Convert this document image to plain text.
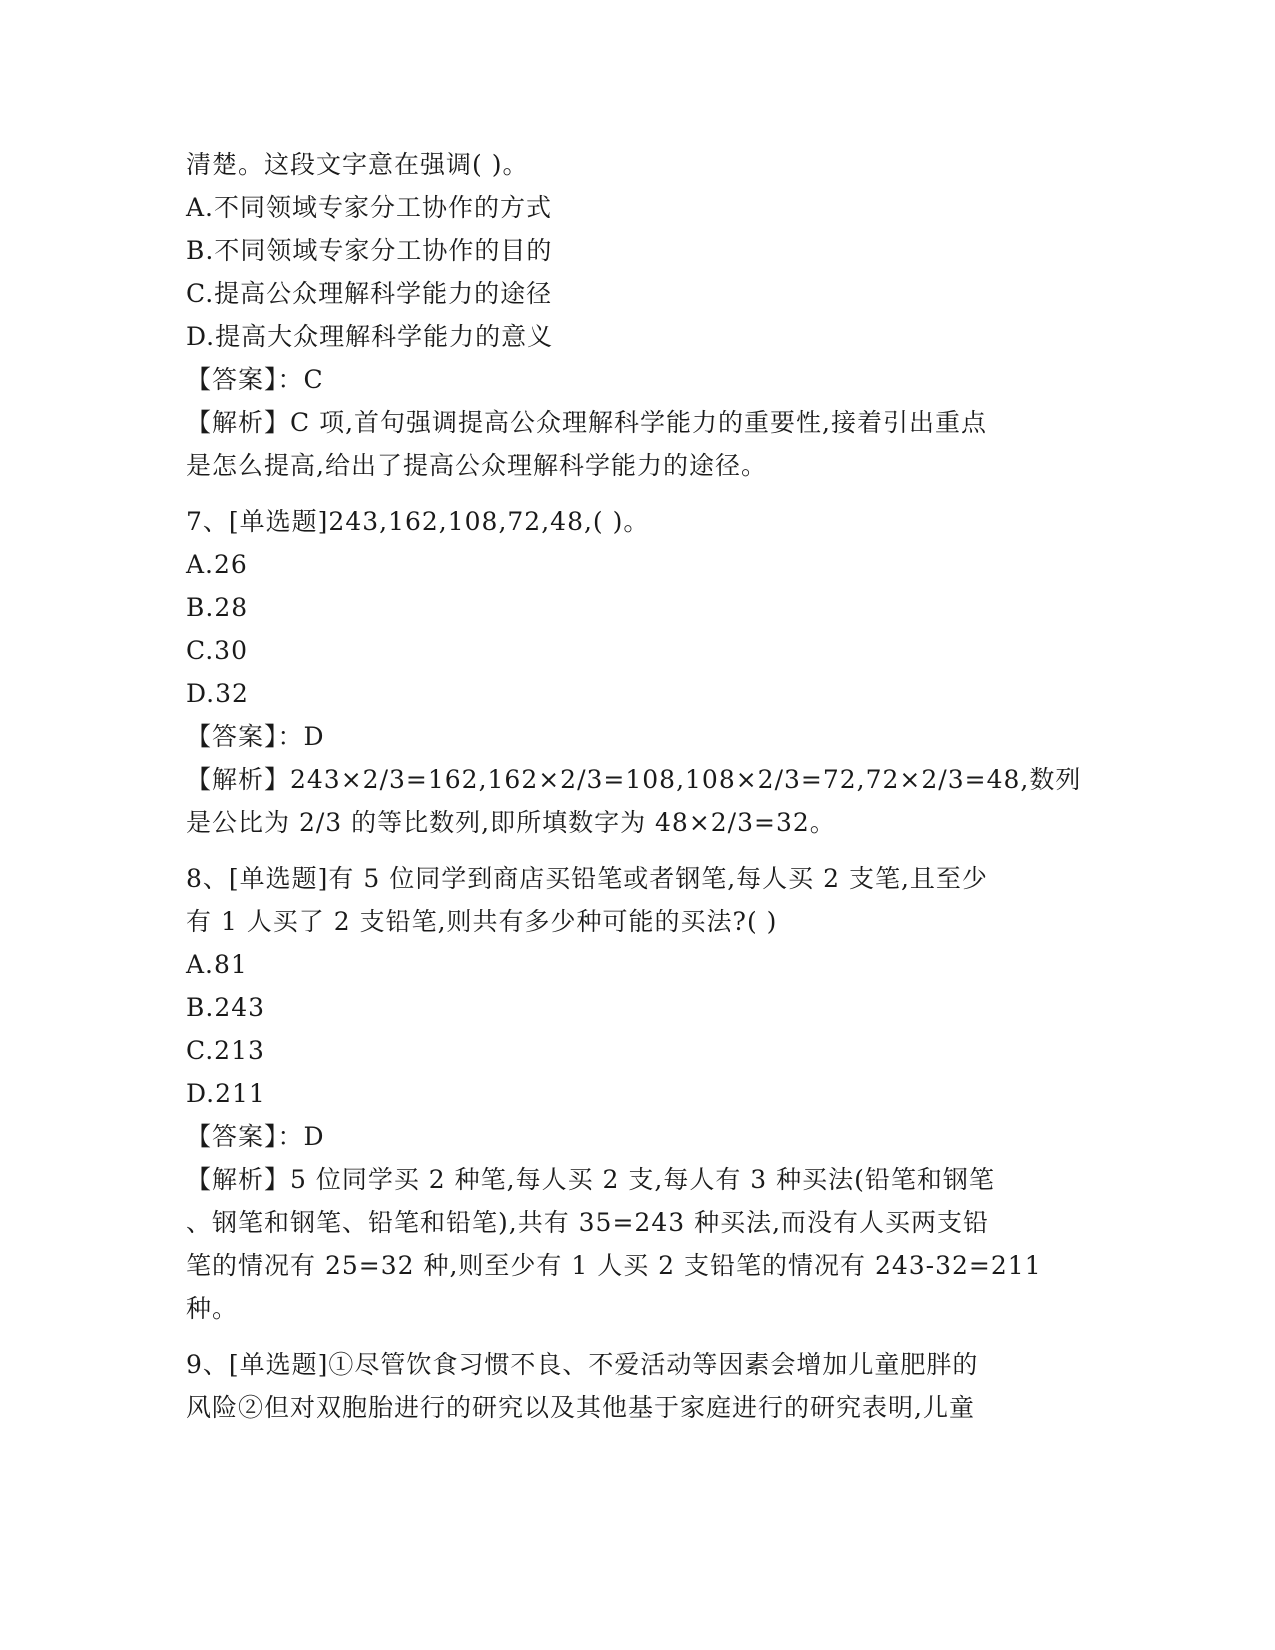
清楚。这段文字意在强调( )。
A.不同领域专家分工协作的方式
B.不同领域专家分工协作的目的
C.提高公众理解科学能力的途径
D.提高大众理解科学能力的意义
【答案】：C
【解析】C 项,首句强调提高公众理解科学能力的重要性,接着引出重点
是怎么提高,给出了提高公众理解科学能力的途径。
7、[单选题]243,162,108,72,48,( )。
A.26
B.28
C.30
D.32
【答案】：D
【解析】243×2/3=162,162×2/3=108,108×2/3=72,72×2/3=48,数列
是公比为 2/3 的等比数列,即所填数字为 48×2/3=32。
8、[单选题]有 5 位同学到商店买铅笔或者钢笔,每人买 2 支笔,且至少
有 1 人买了 2 支铅笔,则共有多少种可能的买法?( )
A.81
B.243
C.213
D.211
【答案】：D
【解析】5 位同学买 2 种笔,每人买 2 支,每人有 3 种买法(铅笔和钢笔
、钢笔和钢笔、铅笔和铅笔),共有 35=243 种买法,而没有人买两支铅
笔的情况有 25=32 种,则至少有 1 人买 2 支铅笔的情况有 243-32=211
种。
9、[单选题]①尽管饮食习惯不良、不爱活动等因素会增加儿童肥胖的
风险②但对双胞胎进行的研究以及其他基于家庭进行的研究表明,儿童
